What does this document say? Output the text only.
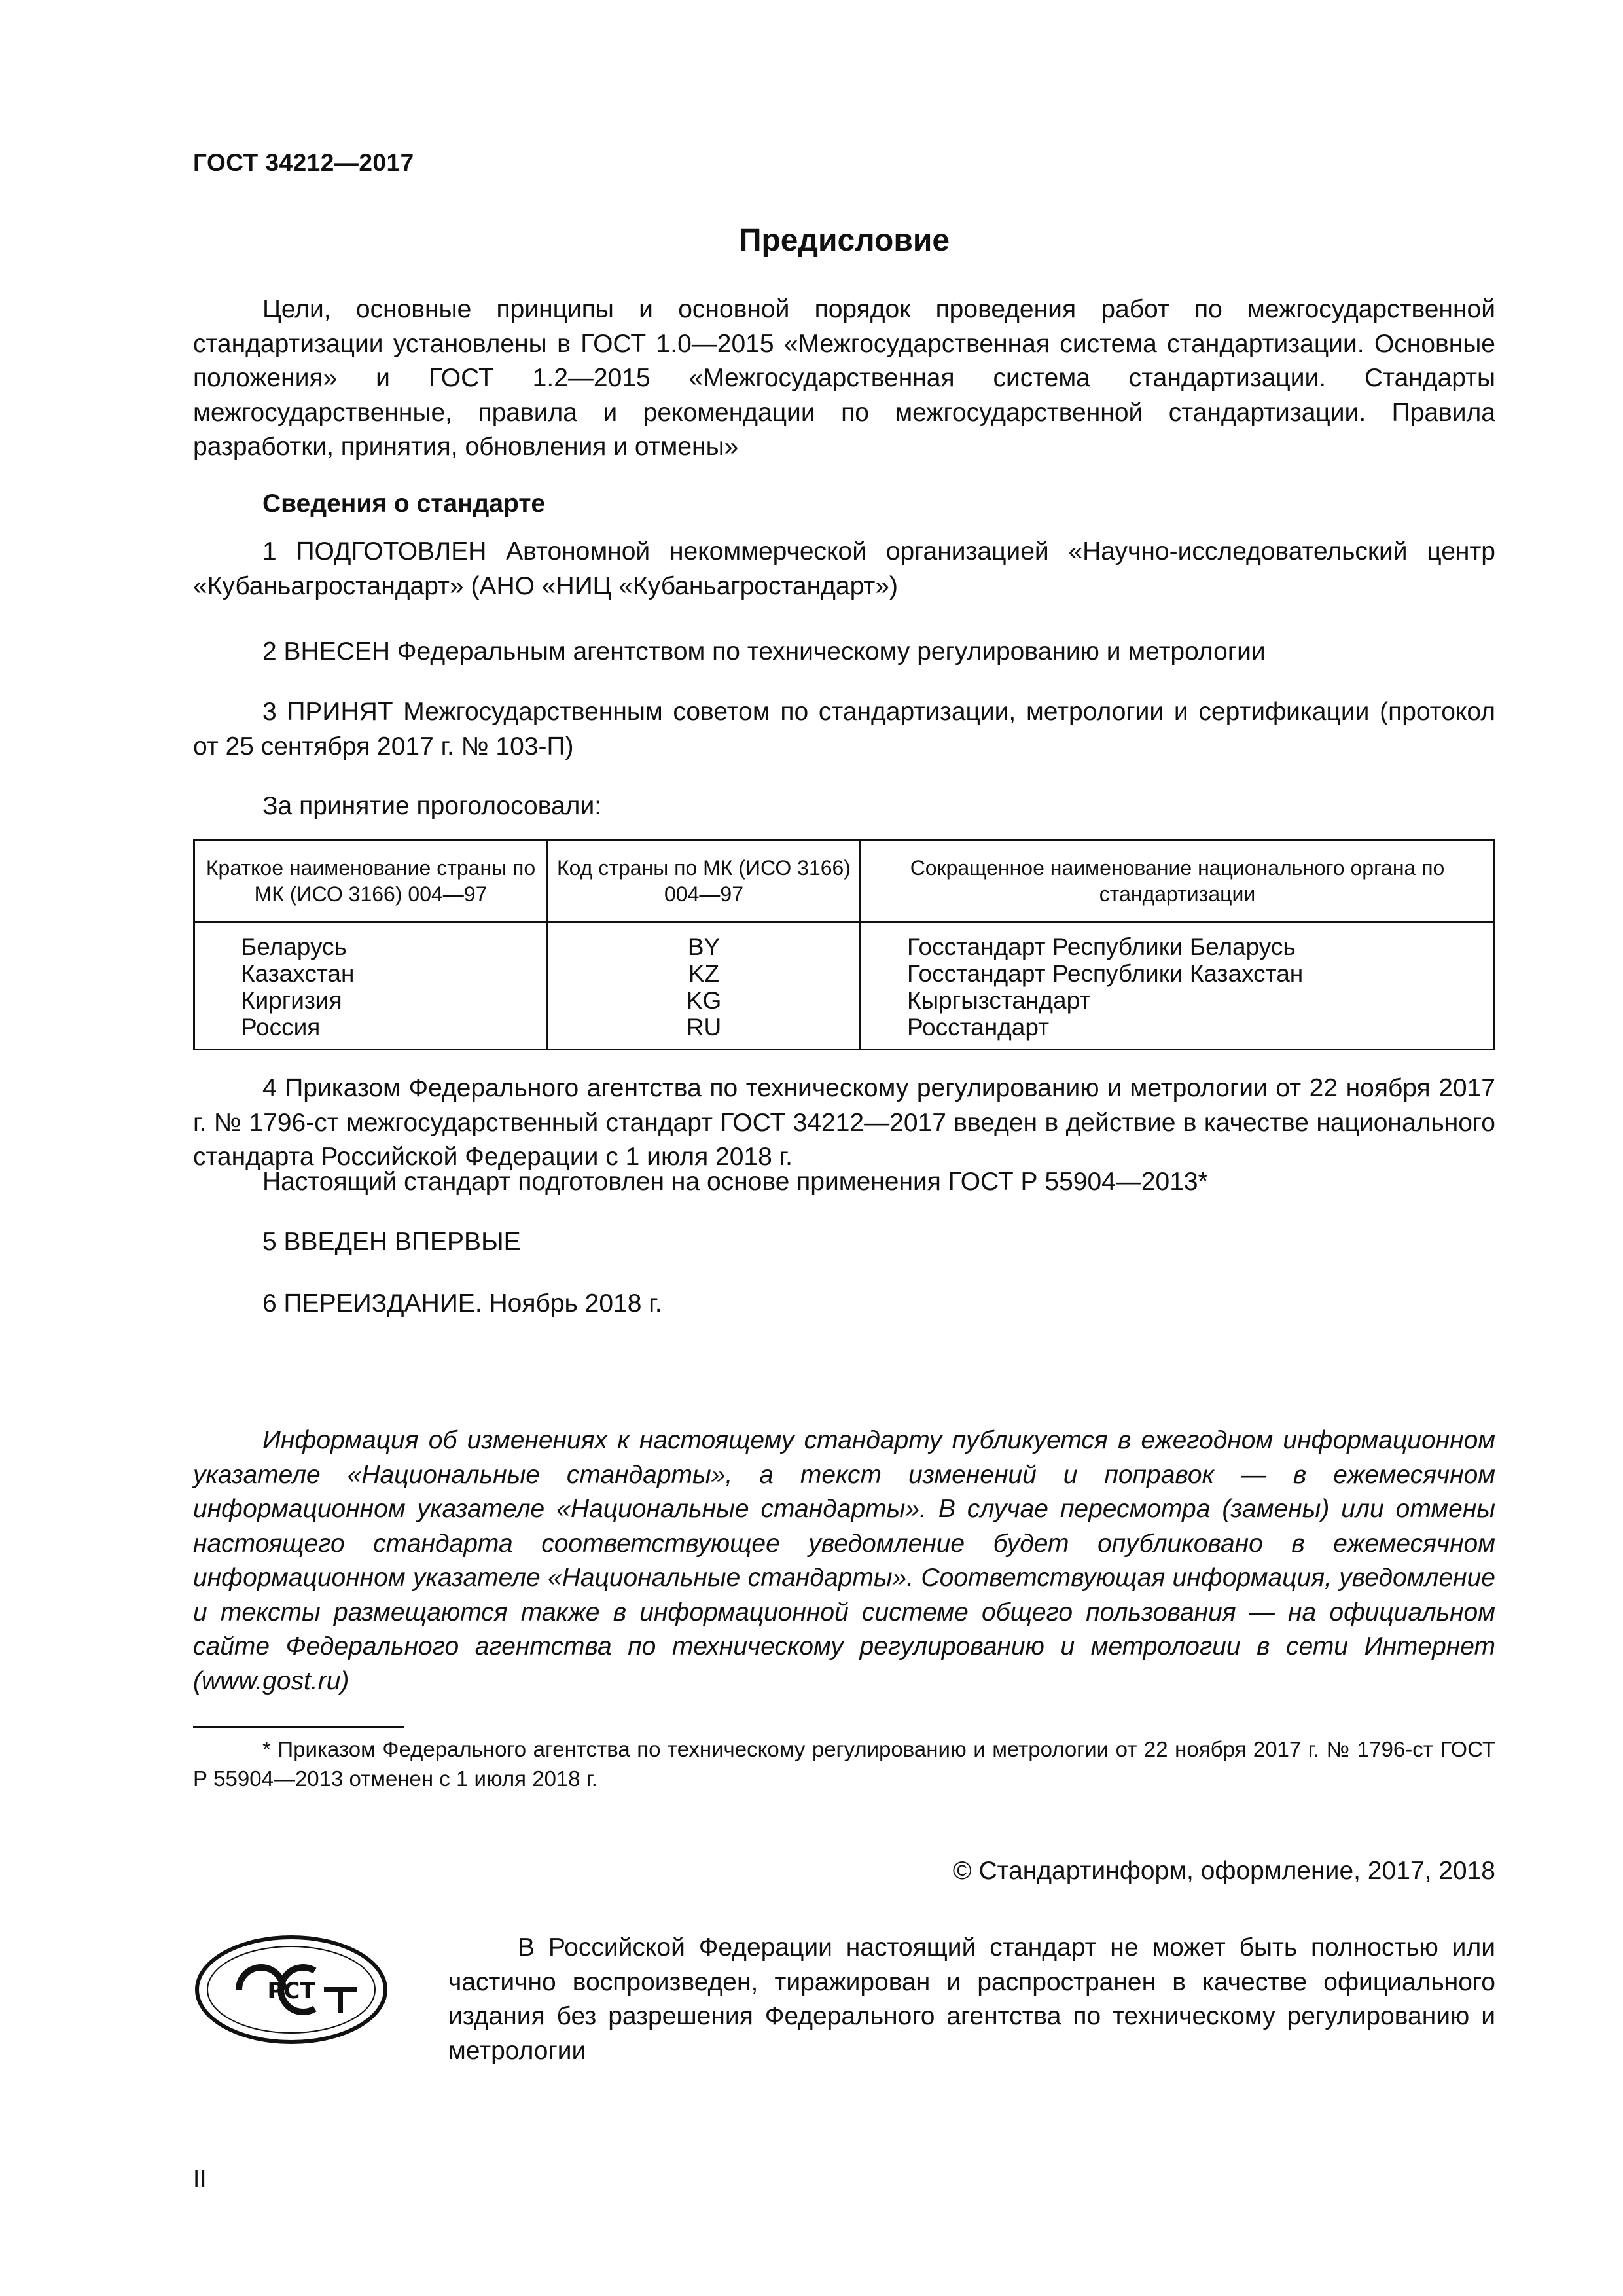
ГОСТ 34212—2017
Предисловие
Цели, основные принципы и основной порядок проведения работ по межгосударственной стандартизации установлены в ГОСТ 1.0—2015 «Межгосударственная система стандартизации. Основные положения» и ГОСТ 1.2—2015 «Межгосударственная система стандартизации. Стандарты межгосударственные, правила и рекомендации по межгосударственной стандартизации. Правила разработки, принятия, обновления и отмены»
Сведения о стандарте
1 ПОДГОТОВЛЕН Автономной некоммерческой организацией «Научно-исследовательский центр «Кубаньагростандарт» (АНО «НИЦ «Кубаньагростандарт»)
2 ВНЕСЕН Федеральным агентством по техническому регулированию и метрологии
3 ПРИНЯТ Межгосударственным советом по стандартизации, метрологии и сертификации (протокол от 25 сентября 2017 г. № 103-П)
За принятие проголосовали:
Краткое наименование страны по МК (ИСО 3166) 004—97	Код страны по МК (ИСО 3166) 004—97	Сокращенное наименование национального органа по стандартизации
Беларусь	BY	Госстандарт Республики Беларусь
Казахстан	KZ	Госстандарт Республики Казахстан
Киргизия	KG	Кыргызстандарт
Россия	RU	Росстандарт
4 Приказом Федерального агентства по техническому регулированию и метрологии от 22 ноября 2017 г. № 1796-ст межгосударственный стандарт ГОСТ 34212—2017 введен в действие в качестве национального стандарта Российской Федерации с 1 июля 2018 г.
Настоящий стандарт подготовлен на основе применения ГОСТ Р 55904—2013*
5 ВВЕДЕН ВПЕРВЫЕ
6 ПЕРЕИЗДАНИЕ. Ноябрь 2018 г.
Информация об изменениях к настоящему стандарту публикуется в ежегодном информационном указателе «Национальные стандарты», а текст изменений и поправок — в ежемесячном информационном указателе «Национальные стандарты». В случае пересмотра (замены) или отмены настоящего стандарта соответствующее уведомление будет опубликовано в ежемесячном информационном указателе «Национальные стандарты». Соответствующая информация, уведомление и тексты размещаются также в информационной системе общего пользования — на официальном сайте Федерального агентства по техническому регулированию и метрологии в сети Интернет (www.gost.ru)
* Приказом Федерального агентства по техническому регулированию и метрологии от 22 ноября 2017 г. № 1796-ст ГОСТ Р 55904—2013 отменен с 1 июля 2018 г.
© Стандартинформ, оформление, 2017, 2018
РСТ
В Российской Федерации настоящий стандарт не может быть полностью или частично воспроизведен, тиражирован и распространен в качестве официального издания без разрешения Федерального агентства по техническому регулированию и метрологии
II
